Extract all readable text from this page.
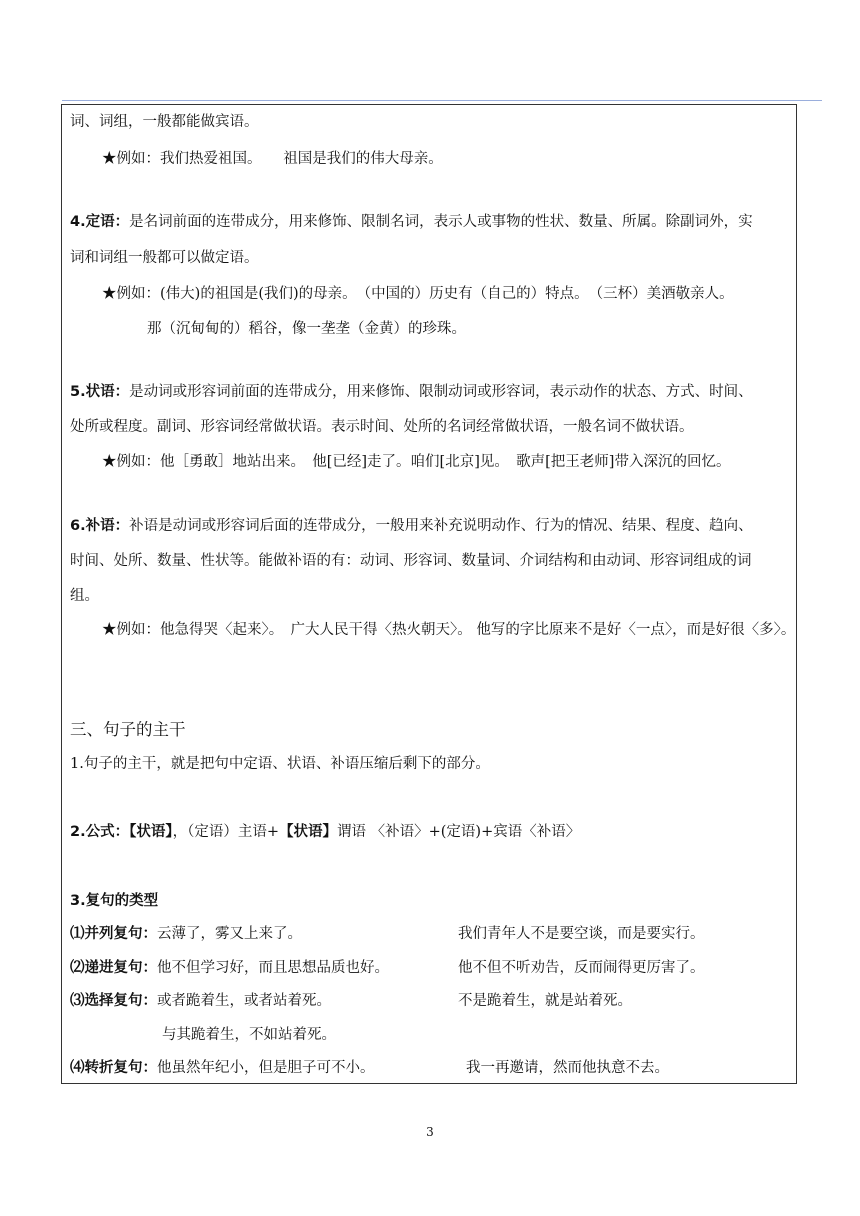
词、词组，一般都能做宾语。
★例如：我们热爱祖国。　　祖国是我们的伟大母亲。
4.定语：是名词前面的连带成分，用来修饰、限制名词，表示人或事物的性状、数量、所属。除副词外，实
词和词组一般都可以做定语。
★例如：(伟大)的祖国是(我们)的母亲。　（中国的）历史有（自己的）特点。　（三杯）美酒敬亲人。
那（沉甸甸的）稻谷，像一垄垄（金黄）的珍珠。
5.状语：是动词或形容词前面的连带成分，用来修饰、限制动词或形容词，表示动作的状态、方式、时间、
处所或程度。副词、形容词经常做状语。表示时间、处所的名词经常做状语，一般名词不做状语。
★例如：他［勇敢］地站出来。　他[已经]走了。咱们[北京]见。　歌声[把王老师]带入深沉的回忆。
6.补语：补语是动词或形容词后面的连带成分，一般用来补充说明动作、行为的情况、结果、程度、趋向、
时间、处所、数量、性状等。能做补语的有：动词、形容词、数量词、介词结构和由动词、形容词组成的词
组。
★例如：他急得哭〈起来〉。　广大人民干得〈热火朝天〉。 他写的字比原来不是好〈一点〉，而是好很〈多〉。
三、句子的主干
1.句子的主干，就是把句中定语、状语、补语压缩后剩下的部分。
2.公式：【状语】，（定语）主语+【状语】谓语 〈补语〉+(定语)+宾语〈补语〉
3.复句的类型
⑴并列复句：云薄了，雾又上来了。	我们青年人不是要空谈，而是要实行。
⑵递进复句：他不但学习好，而且思想品质也好。	他不但不听劝告，反而闹得更厉害了。
⑶选择复句：或者跪着生，或者站着死。	不是跪着生，就是站着死。
与其跪着生，不如站着死。
⑷转折复句：他虽然年纪小，但是胆子可不小。	我一再邀请，然而他执意不去。
3
